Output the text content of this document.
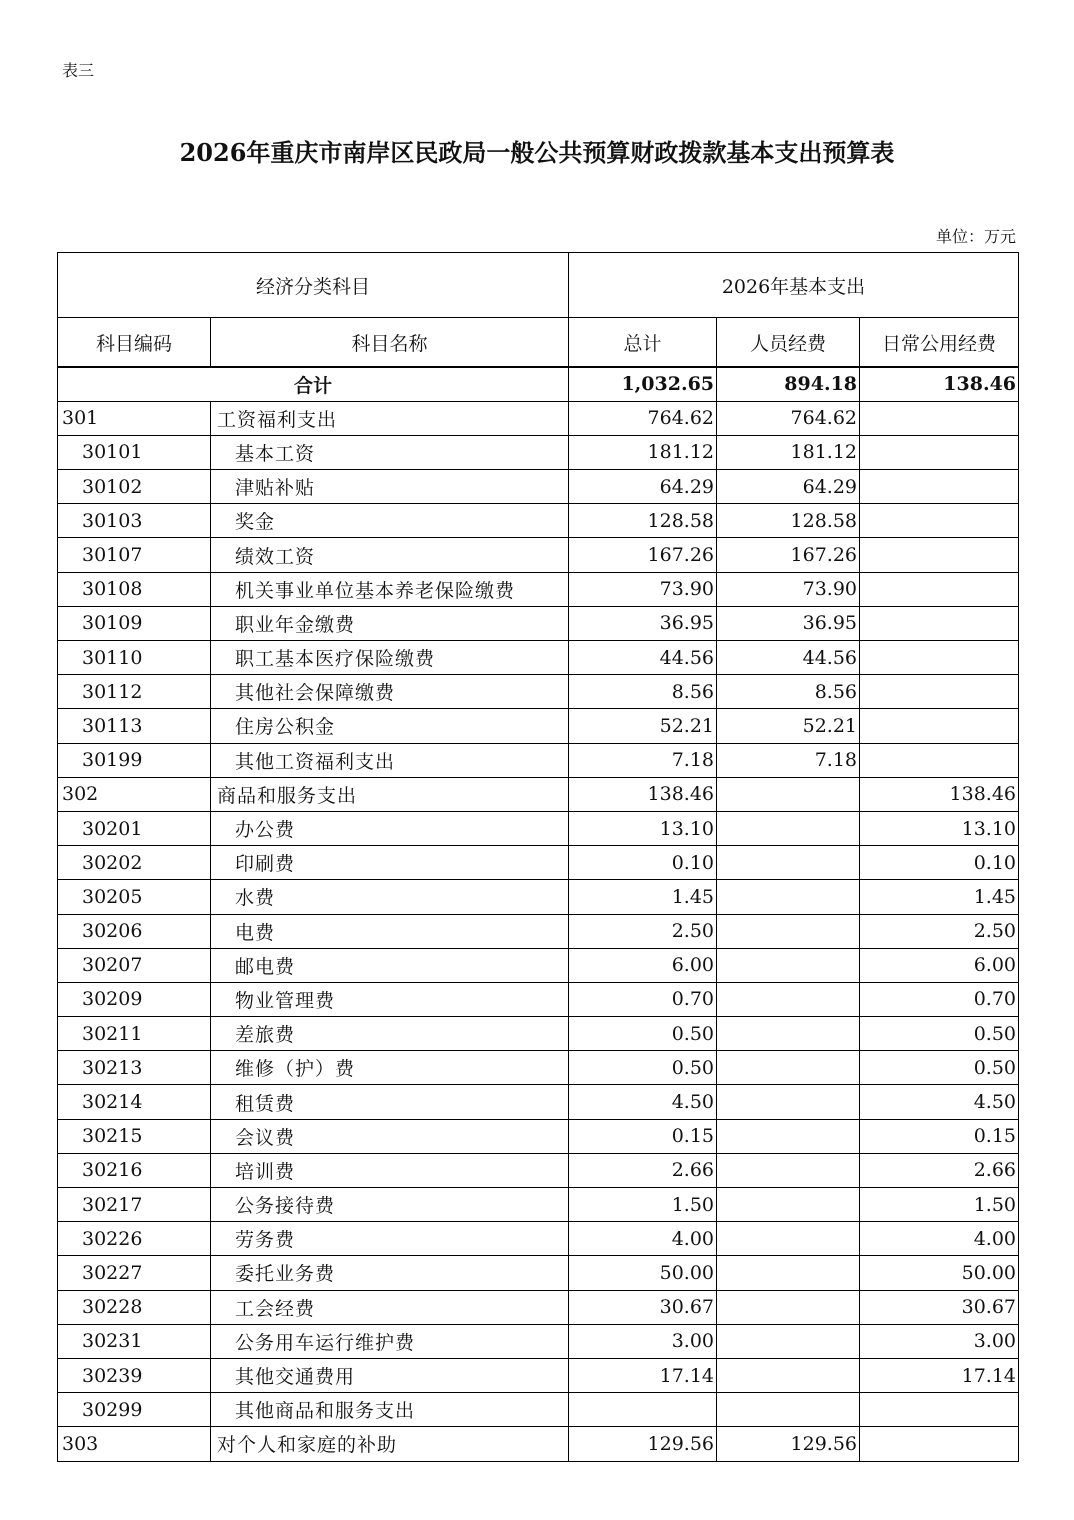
表三
2026年重庆市南岸区民政局一般公共预算财政拨款基本支出预算表
单位：万元
经济分类科目		2026年基本支出		
科目编码	科目名称	总计	人员经费	日常公用经费
合计		1,032.65	894.18	138.46
301	工资福利支出	764.62	764.62	
30101	基本工资	181.12	181.12	
30102	津贴补贴	64.29	64.29	
30103	奖金	128.58	128.58	
30107	绩效工资	167.26	167.26	
30108	机关事业单位基本养老保险缴费	73.90	73.90	
30109	职业年金缴费	36.95	36.95	
30110	职工基本医疗保险缴费	44.56	44.56	
30112	其他社会保障缴费	8.56	8.56	
30113	住房公积金	52.21	52.21	
30199	其他工资福利支出	7.18	7.18	
302	商品和服务支出	138.46		138.46
30201	办公费	13.10		13.10
30202	印刷费	0.10		0.10
30205	水费	1.45		1.45
30206	电费	2.50		2.50
30207	邮电费	6.00		6.00
30209	物业管理费	0.70		0.70
30211	差旅费	0.50		0.50
30213	维修（护）费	0.50		0.50
30214	租赁费	4.50		4.50
30215	会议费	0.15		0.15
30216	培训费	2.66		2.66
30217	公务接待费	1.50		1.50
30226	劳务费	4.00		4.00
30227	委托业务费	50.00		50.00
30228	工会经费	30.67		30.67
30231	公务用车运行维护费	3.00		3.00
30239	其他交通费用	17.14		17.14
30299	其他商品和服务支出			
303	对个人和家庭的补助	129.56	129.56	
